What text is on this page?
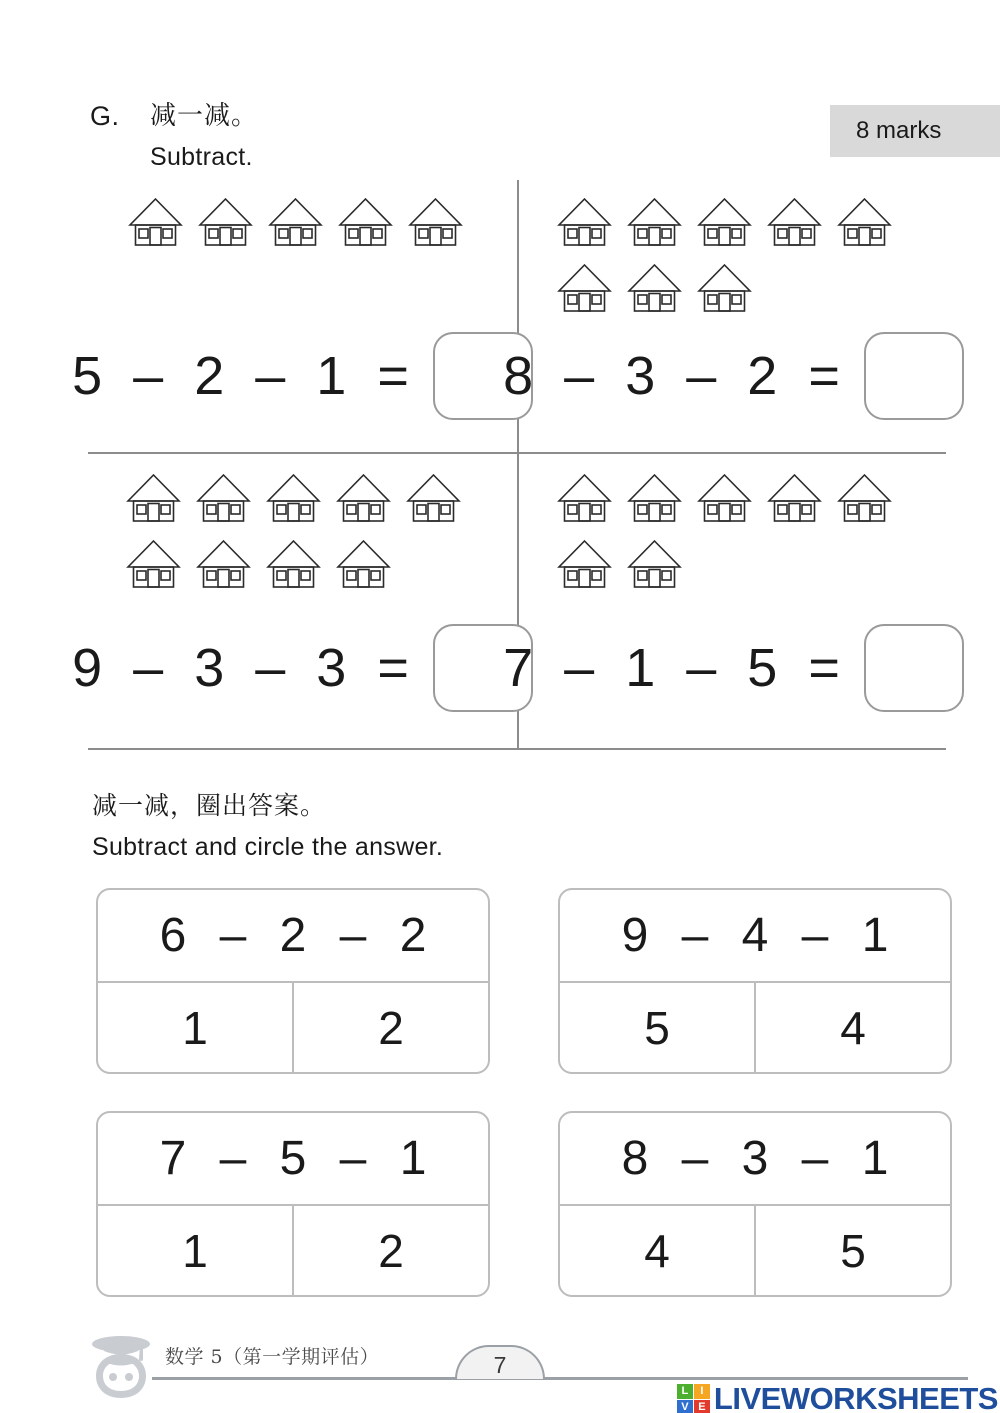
G.	减一减。
Subtract.
8 marks
5 – 2 – 1 = 8 – 3 – 2 =
9 – 3 – 3 = 7 – 1 – 5 =
减一减，圈出答案。
Subtract and circle the answer.
6 – 2 – 2
1	2
9 – 4 – 1
5	4
7 – 5 – 1
1	2
8 – 3 – 1
4	5
数学 5（第一学期评估）	7
L	I
V E LIVEWORKSHEETS
